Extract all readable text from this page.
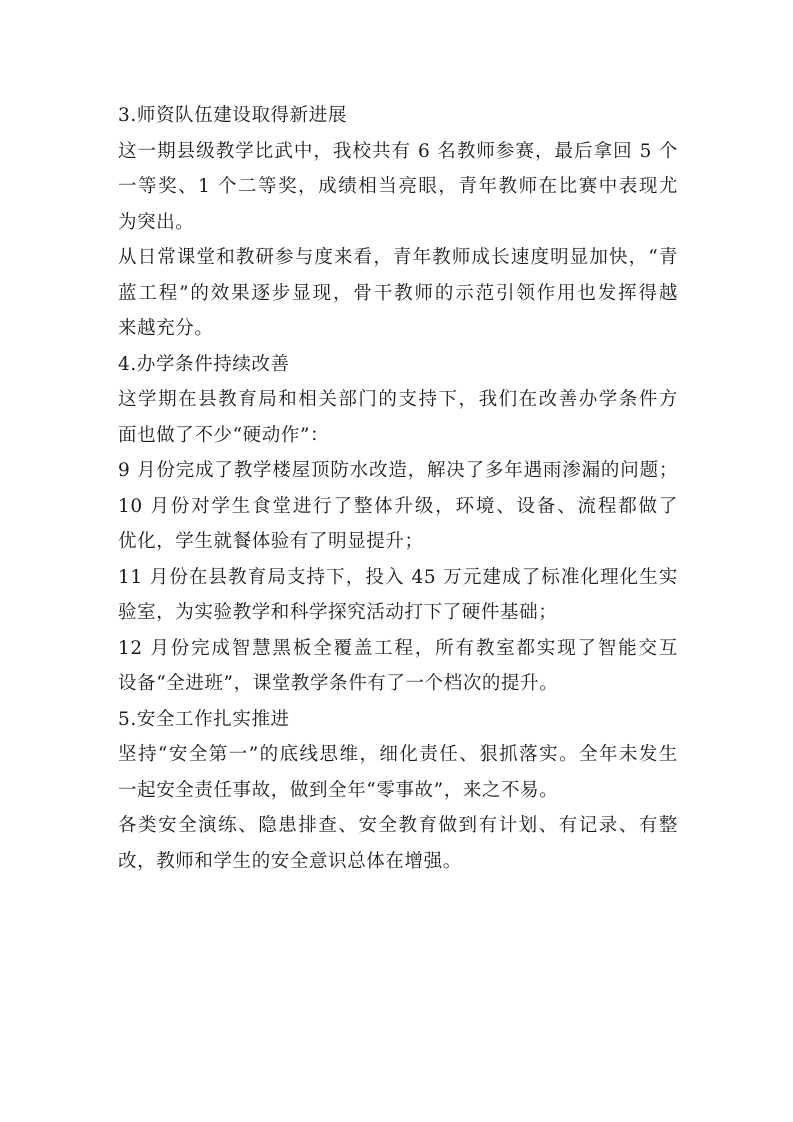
3.师资队伍建设取得新进展
这一期县级教学比武中，我校共有 6 名教师参赛，最后拿回 5 个
一等奖、1 个二等奖，成绩相当亮眼，青年教师在比赛中表现尤
为突出。
从日常课堂和教研参与度来看，青年教师成长速度明显加快，“青
蓝工程”的效果逐步显现，骨干教师的示范引领作用也发挥得越
来越充分。
4.办学条件持续改善
这学期在县教育局和相关部门的支持下，我们在改善办学条件方
面也做了不少“硬动作”：
9 月份完成了教学楼屋顶防水改造，解决了多年遇雨渗漏的问题；
10 月份对学生食堂进行了整体升级，环境、设备、流程都做了
优化，学生就餐体验有了明显提升；
11 月份在县教育局支持下，投入 45 万元建成了标准化理化生实
验室，为实验教学和科学探究活动打下了硬件基础；
12 月份完成智慧黑板全覆盖工程，所有教室都实现了智能交互
设备“全进班”，课堂教学条件有了一个档次的提升。
5.安全工作扎实推进
坚持“安全第一”的底线思维，细化责任、狠抓落实。全年未发生
一起安全责任事故，做到全年“零事故”，来之不易。
各类安全演练、隐患排查、安全教育做到有计划、有记录、有整
改，教师和学生的安全意识总体在增强。
